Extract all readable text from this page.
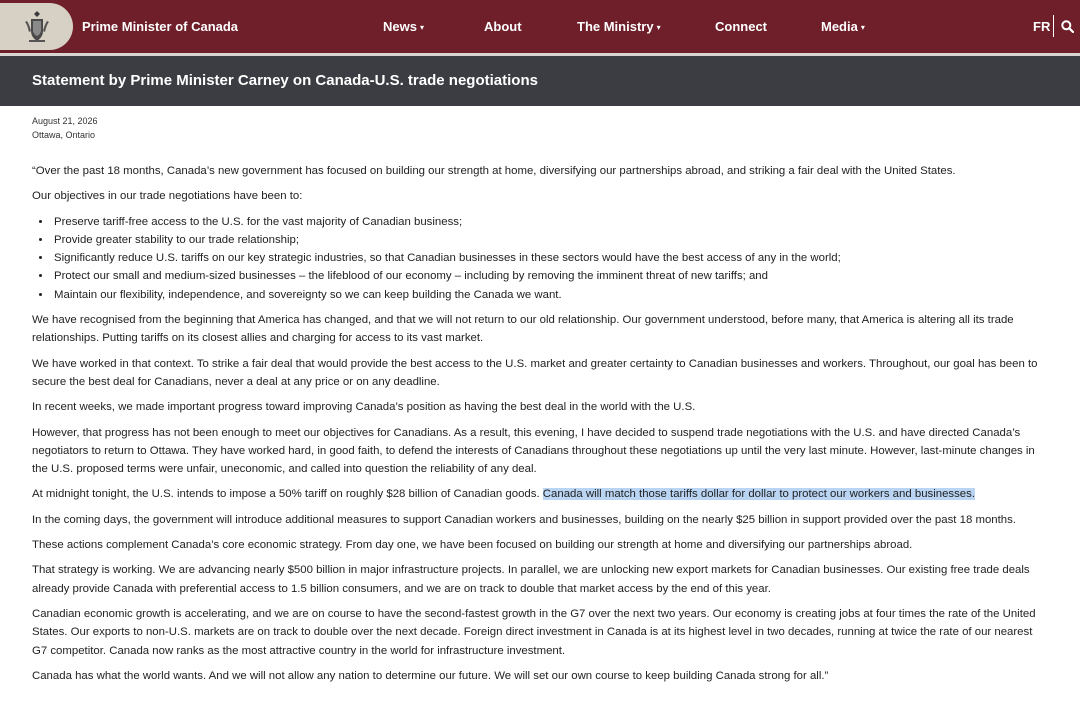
Prime Minister of Canada	News ▾	About	The Ministry ▾	Connect	Media ▾	FR
Statement by Prime Minister Carney on Canada-U.S. trade negotiations
August 21, 2026
Ottawa, Ontario

“Over the past 18 months, Canada’s new government has focused on building our strength at home, diversifying our partnerships abroad, and striking a fair deal with the United States.

Our objectives in our trade negotiations have been to:

• Preserve tariff-free access to the U.S. for the vast majority of Canadian business;
• Provide greater stability to our trade relationship;
• Significantly reduce U.S. tariffs on our key strategic industries, so that Canadian businesses in these sectors would have the best access of any in the world;
• Protect our small and medium-sized businesses – the lifeblood of our economy – including by removing the imminent threat of new tariffs; and
• Maintain our flexibility, independence, and sovereignty so we can keep building the Canada we want.

We have recognised from the beginning that America has changed, and that we will not return to our old relationship. Our government understood, before many, that America is altering all its trade relationships. Putting tariffs on its closest allies and charging for access to its vast market.

We have worked in that context. To strike a fair deal that would provide the best access to the U.S. market and greater certainty to Canadian businesses and workers. Throughout, our goal has been to secure the best deal for Canadians, never a deal at any price or on any deadline.

In recent weeks, we made important progress toward improving Canada’s position as having the best deal in the world with the U.S.

However, that progress has not been enough to meet our objectives for Canadians. As a result, this evening, I have decided to suspend trade negotiations with the U.S. and have directed Canada’s negotiators to return to Ottawa. They have worked hard, in good faith, to defend the interests of Canadians throughout these negotiations up until the very last minute. However, last-minute changes in the U.S. proposed terms were unfair, uneconomic, and called into question the reliability of any deal.

At midnight tonight, the U.S. intends to impose a 50% tariff on roughly $28 billion of Canadian goods. Canada will match those tariffs dollar for dollar to protect our workers and businesses.

In the coming days, the government will introduce additional measures to support Canadian workers and businesses, building on the nearly $25 billion in support provided over the past 18 months.

These actions complement Canada’s core economic strategy. From day one, we have been focused on building our strength at home and diversifying our partnerships abroad.

That strategy is working. We are advancing nearly $500 billion in major infrastructure projects. In parallel, we are unlocking new export markets for Canadian businesses. Our existing free trade deals already provide Canada with preferential access to 1.5 billion consumers, and we are on track to double that market access by the end of this year.

Canadian economic growth is accelerating, and we are on course to have the second-fastest growth in the G7 over the next two years. Our economy is creating jobs at four times the rate of the United States. Our exports to non-U.S. markets are on track to double over the next decade. Foreign direct investment in Canada is at its highest level in two decades, running at twice the rate of our nearest G7 competitor. Canada now ranks as the most attractive country in the world for infrastructure investment.

Canada has what the world wants. And we will not allow any nation to determine our future. We will set our own course to keep building Canada strong for all.”
